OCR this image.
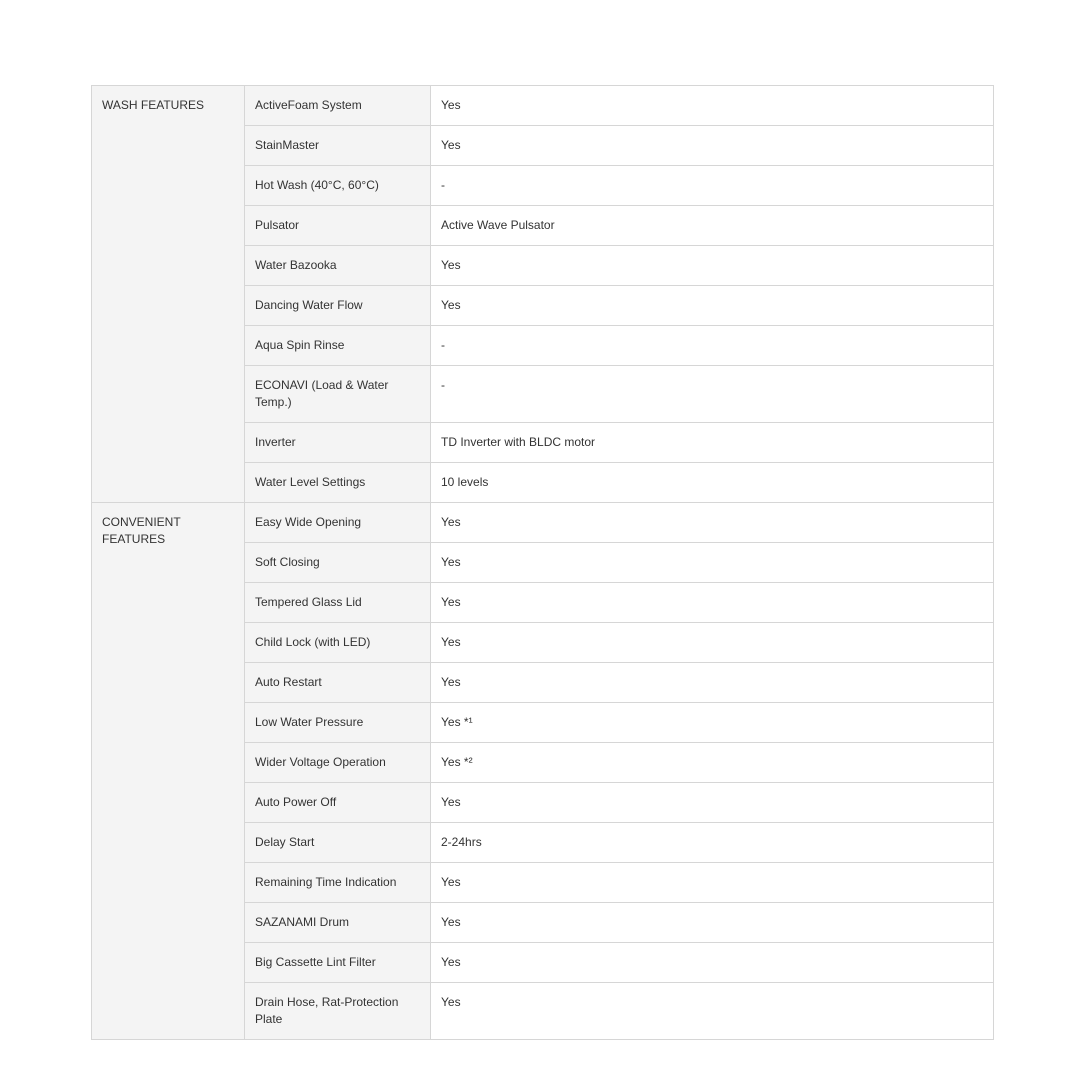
WASH FEATURES	ActiveFoam System	Yes
	StainMaster	Yes
	Hot Wash (40°C, 60°C)	-
	Pulsator	Active Wave Pulsator
	Water Bazooka	Yes
	Dancing Water Flow	Yes
	Aqua Spin Rinse	-
	ECONAVI (Load & Water Temp.)	-
	Inverter	TD Inverter with BLDC motor
	Water Level Settings	10 levels
CONVENIENT FEATURES	Easy Wide Opening	Yes
	Soft Closing	Yes
	Tempered Glass Lid	Yes
	Child Lock (with LED)	Yes
	Auto Restart	Yes
	Low Water Pressure	Yes *¹
	Wider Voltage Operation	Yes *²
	Auto Power Off	Yes
	Delay Start	2-24hrs
	Remaining Time Indication	Yes
	SAZANAMI Drum	Yes
	Big Cassette Lint Filter	Yes
	Drain Hose, Rat-Protection Plate	Yes
